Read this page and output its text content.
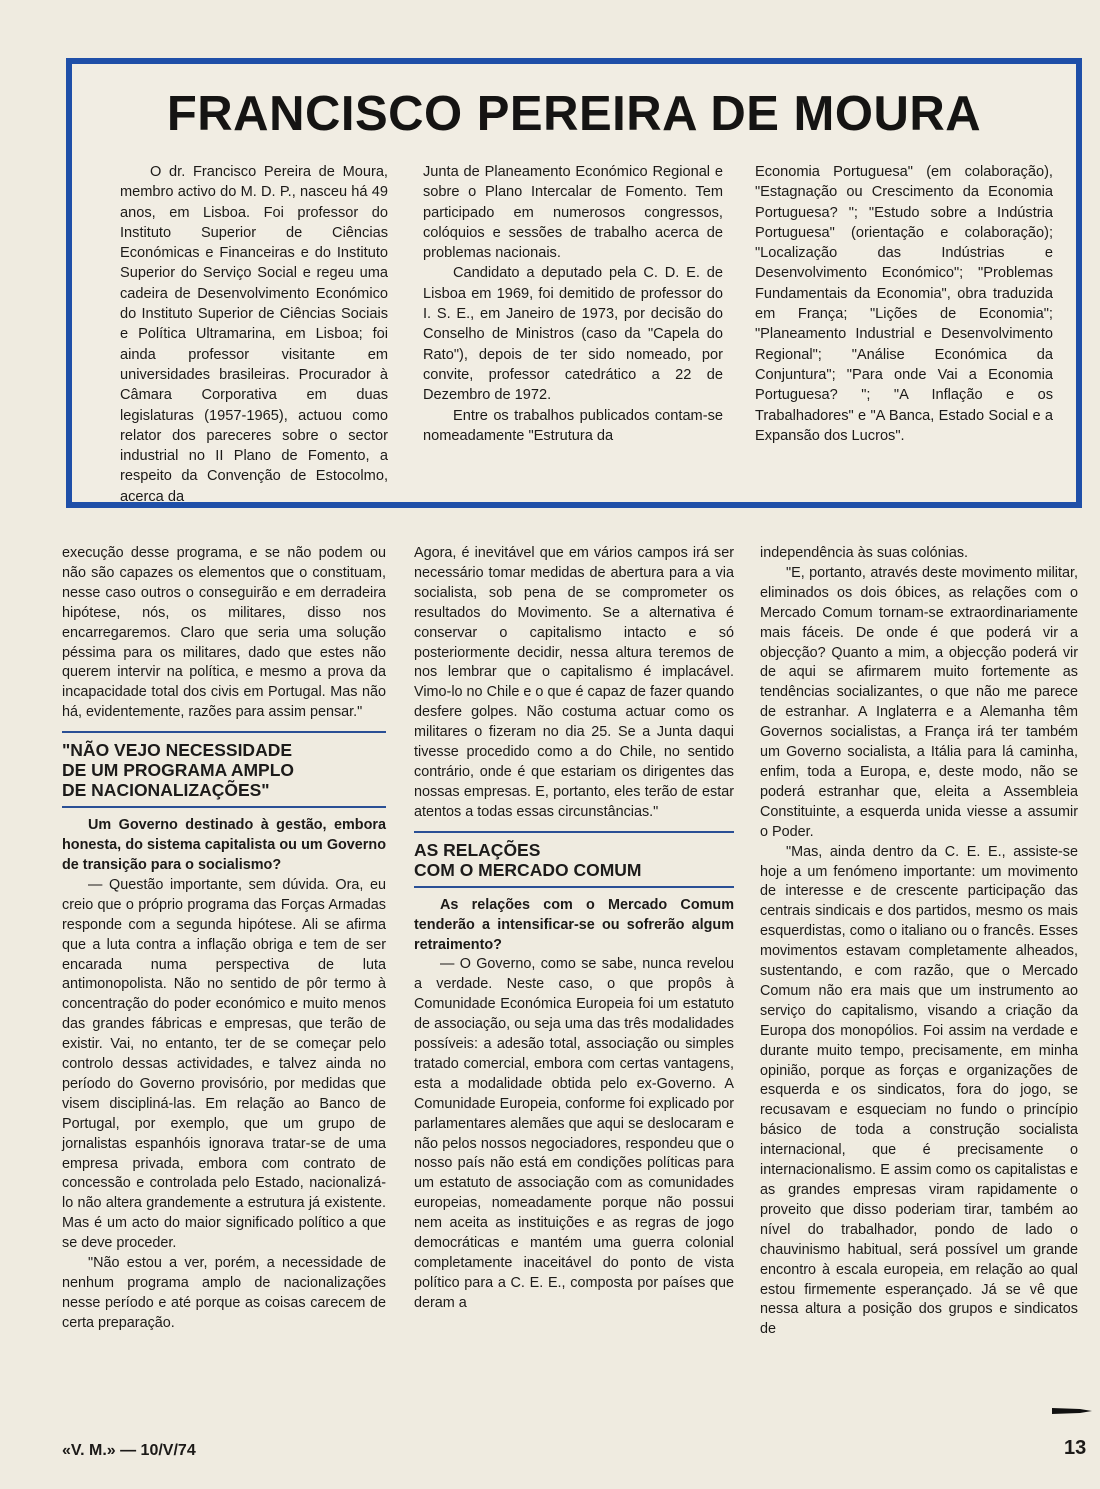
FRANCISCO PEREIRA DE MOURA

O dr. Francisco Pereira de Moura, membro activo do M. D. P., nasceu há 49 anos, em Lisboa. Foi professor do Instituto Superior de Ciências Económicas e Financeiras e do Instituto Superior do Serviço Social e regeu uma cadeira de Desenvolvimento Económico do Instituto Superior de Ciências Sociais e Política Ultramarina, em Lisboa; foi ainda professor visitante em universidades brasileiras. Procurador à Câmara Corporativa em duas legislaturas (1957-1965), actuou como relator dos pareceres sobre o sector industrial no II Plano de Fomento, a respeito da Convenção de Estocolmo, acerca da

Junta de Planeamento Económico Regional e sobre o Plano Intercalar de Fomento. Tem participado em numerosos congressos, colóquios e sessões de trabalho acerca de problemas nacionais.

Candidato a deputado pela C. D. E. de Lisboa em 1969, foi demitido de professor do I. S. E., em Janeiro de 1973, por decisão do Conselho de Ministros (caso da "Capela do Rato"), depois de ter sido nomeado, por convite, professor catedrático a 22 de Dezembro de 1972.

Entre os trabalhos publicados contam-se nomeadamente "Estrutura da

Economia Portuguesa" (em colaboração), "Estagnação ou Crescimento da Economia Portuguesa? "; "Estudo sobre a Indústria Portuguesa" (orientação e colaboração); "Localização das Indústrias e Desenvolvimento Económico"; "Problemas Fundamentais da Economia", obra traduzida em França; "Lições de Economia"; "Planeamento Industrial e Desenvolvimento Regional"; "Análise Económica da Conjuntura"; "Para onde Vai a Economia Portuguesa? "; "A Inflação e os Trabalhadores" e "A Banca, Estado Social e a Expansão dos Lucros".

execução desse programa, e se não podem ou não são capazes os elementos que o constituam, nesse caso outros o conseguirão e em derradeira hipótese, nós, os militares, disso nos encarregaremos. Claro que seria uma solução péssima para os militares, dado que estes não querem intervir na política, e mesmo a prova da incapacidade total dos civis em Portugal. Mas não há, evidentemente, razões para assim pensar."

"NÃO VEJO NECESSIDADE
DE UM PROGRAMA AMPLO
DE NACIONALIZAÇÕES"

Um Governo destinado à gestão, embora honesta, do sistema capitalista ou um Governo de transição para o socialismo?

— Questão importante, sem dúvida. Ora, eu creio que o próprio programa das Forças Armadas responde com a segunda hipótese. Ali se afirma que a luta contra a inflação obriga e tem de ser encarada numa perspectiva de luta antimonopolista. Não no sentido de pôr termo à concentração do poder económico e muito menos das grandes fábricas e empresas, que terão de existir. Vai, no entanto, ter de se começar pelo controlo dessas actividades, e talvez ainda no período do Governo provisório, por medidas que visem discipliná-las. Em relação ao Banco de Portugal, por exemplo, que um grupo de jornalistas espanhóis ignorava tratar-se de uma empresa privada, embora com contrato de concessão e controlada pelo Estado, nacionalizá-lo não altera grandemente a estrutura já existente. Mas é um acto do maior significado político a que se deve proceder.

"Não estou a ver, porém, a necessidade de nenhum programa amplo de nacionalizações nesse período e até porque as coisas carecem de certa preparação.

Agora, é inevitável que em vários campos irá ser necessário tomar medidas de abertura para a via socialista, sob pena de se comprometer os resultados do Movimento. Se a alternativa é conservar o capitalismo intacto e só posteriormente decidir, nessa altura teremos de nos lembrar que o capitalismo é implacável. Vimo-lo no Chile e o que é capaz de fazer quando desfere golpes. Não costuma actuar como os militares o fizeram no dia 25. Se a Junta daqui tivesse procedido como a do Chile, no sentido contrário, onde é que estariam os dirigentes das nossas empresas. E, portanto, eles terão de estar atentos a todas essas circunstâncias."

AS RELAÇÕES
COM O MERCADO COMUM

As relações com o Mercado Comum tenderão a intensificar-se ou sofrerão algum retraimento?

— O Governo, como se sabe, nunca revelou a verdade. Neste caso, o que propôs à Comunidade Económica Europeia foi um estatuto de associação, ou seja uma das três modalidades possíveis: a adesão total, associação ou simples tratado comercial, embora com certas vantagens, esta a modalidade obtida pelo ex-Governo. A Comunidade Europeia, conforme foi explicado por parlamentares alemães que aqui se deslocaram e não pelos nossos negociadores, respondeu que o nosso país não está em condições políticas para um estatuto de associação com as comunidades europeias, nomeadamente porque não possui nem aceita as instituições e as regras de jogo democráticas e mantém uma guerra colonial completamente inaceitável do ponto de vista político para a C. E. E., composta por países que deram a

independência às suas colónias.

"E, portanto, através deste movimento militar, eliminados os dois óbices, as relações com o Mercado Comum tornam-se extraordinariamente mais fáceis. De onde é que poderá vir a objecção? Quanto a mim, a objecção poderá vir de aqui se afirmarem muito fortemente as tendências socializantes, o que não me parece de estranhar. A Inglaterra e a Alemanha têm Governos socialistas, a França irá ter também um Governo socialista, a Itália para lá caminha, enfim, toda a Europa, e, deste modo, não se poderá estranhar que, eleita a Assembleia Constituinte, a esquerda unida viesse a assumir o Poder.

"Mas, ainda dentro da C. E. E., assiste-se hoje a um fenómeno importante: um movimento de interesse e de crescente participação das centrais sindicais e dos partidos, mesmo os mais esquerdistas, como o italiano ou o francês. Esses movimentos estavam completamente alheados, sustentando, e com razão, que o Mercado Comum não era mais que um instrumento ao serviço do capitalismo, visando a criação da Europa dos monopólios. Foi assim na verdade e durante muito tempo, precisamente, em minha opinião, porque as forças e organizações de esquerda e os sindicatos, fora do jogo, se recusavam e esqueciam no fundo o princípio básico de toda a construção socialista internacional, que é precisamente o internacionalismo. E assim como os capitalistas e as grandes empresas viram rapidamente o proveito que disso poderiam tirar, também ao nível do trabalhador, pondo de lado o chauvinismo habitual, será possível um grande encontro à escala europeia, em relação ao qual estou firmemente esperançado. Já se vê que nessa altura a posição dos grupos e sindicatos de

«V. M.» — 10/V/74	13
